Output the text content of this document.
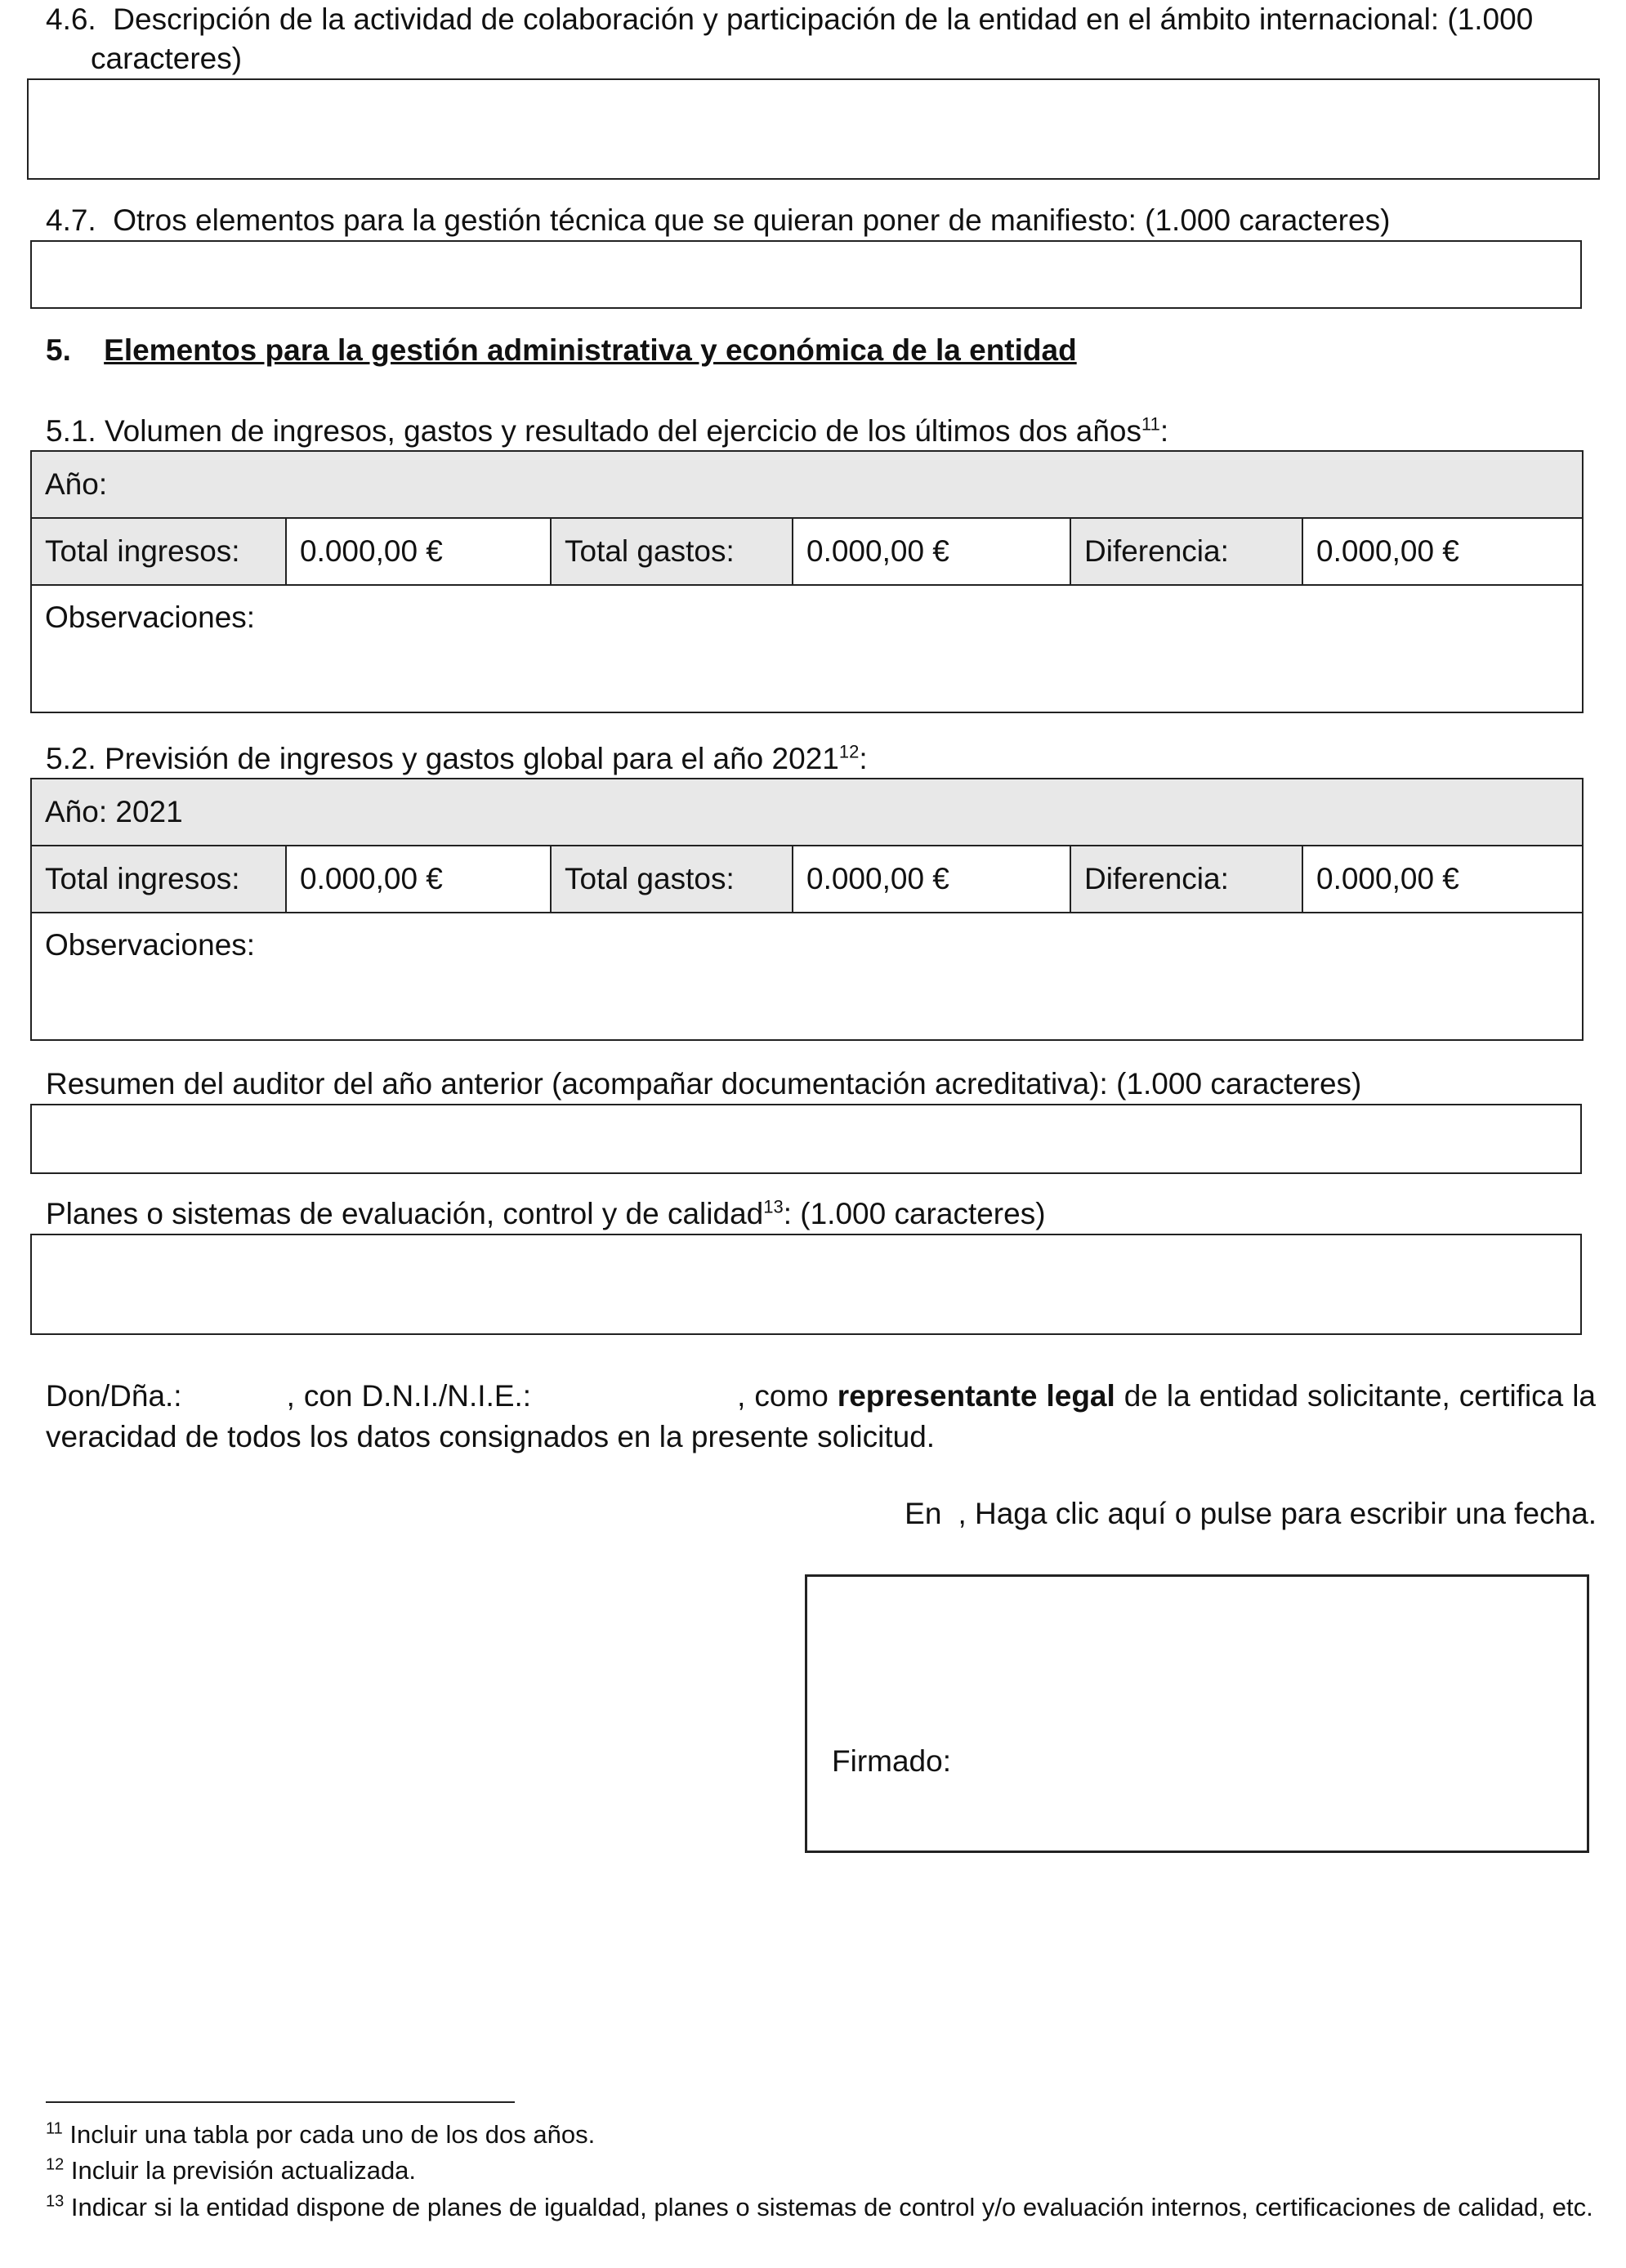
4.6. Descripción de la actividad de colaboración y participación de la entidad en el ámbito internacional: (1.000
caracteres)
4.7. Otros elementos para la gestión técnica que se quieran poner de manifiesto: (1.000 caracteres)
5. Elementos para la gestión administrativa y económica de la entidad
5.1. Volumen de ingresos, gastos y resultado del ejercicio de los últimos dos años$^{11}$:
Año:
Total ingresos:	0.000,00 €	Total gastos:	0.000,00 €	Diferencia:	0.000,00 €
Observaciones:
5.2. Previsión de ingresos y gastos global para el año 2021$^{12}$:
Año: 2021
Total ingresos:	0.000,00 €	Total gastos:	0.000,00 €	Diferencia:	0.000,00 €
Observaciones:
Resumen del auditor del año anterior (acompañar documentación acreditativa): (1.000 caracteres)
Planes o sistemas de evaluación, control y de calidad$^{13}$: (1.000 caracteres)
Don/Dña.:	, con D.N.I./N.I.E.:	, como representante legal de la entidad solicitante, certifica la veracidad de todos los datos consignados en la presente solicitud.
En , Haga clic aquí o pulse para escribir una fecha.
Firmado:
$^{11}$ Incluir una tabla por cada uno de los dos años.
$^{12}$ Incluir la previsión actualizada.
$^{13}$ Indicar si la entidad dispone de planes de igualdad, planes o sistemas de control y/o evaluación internos, certificaciones de calidad, etc.
